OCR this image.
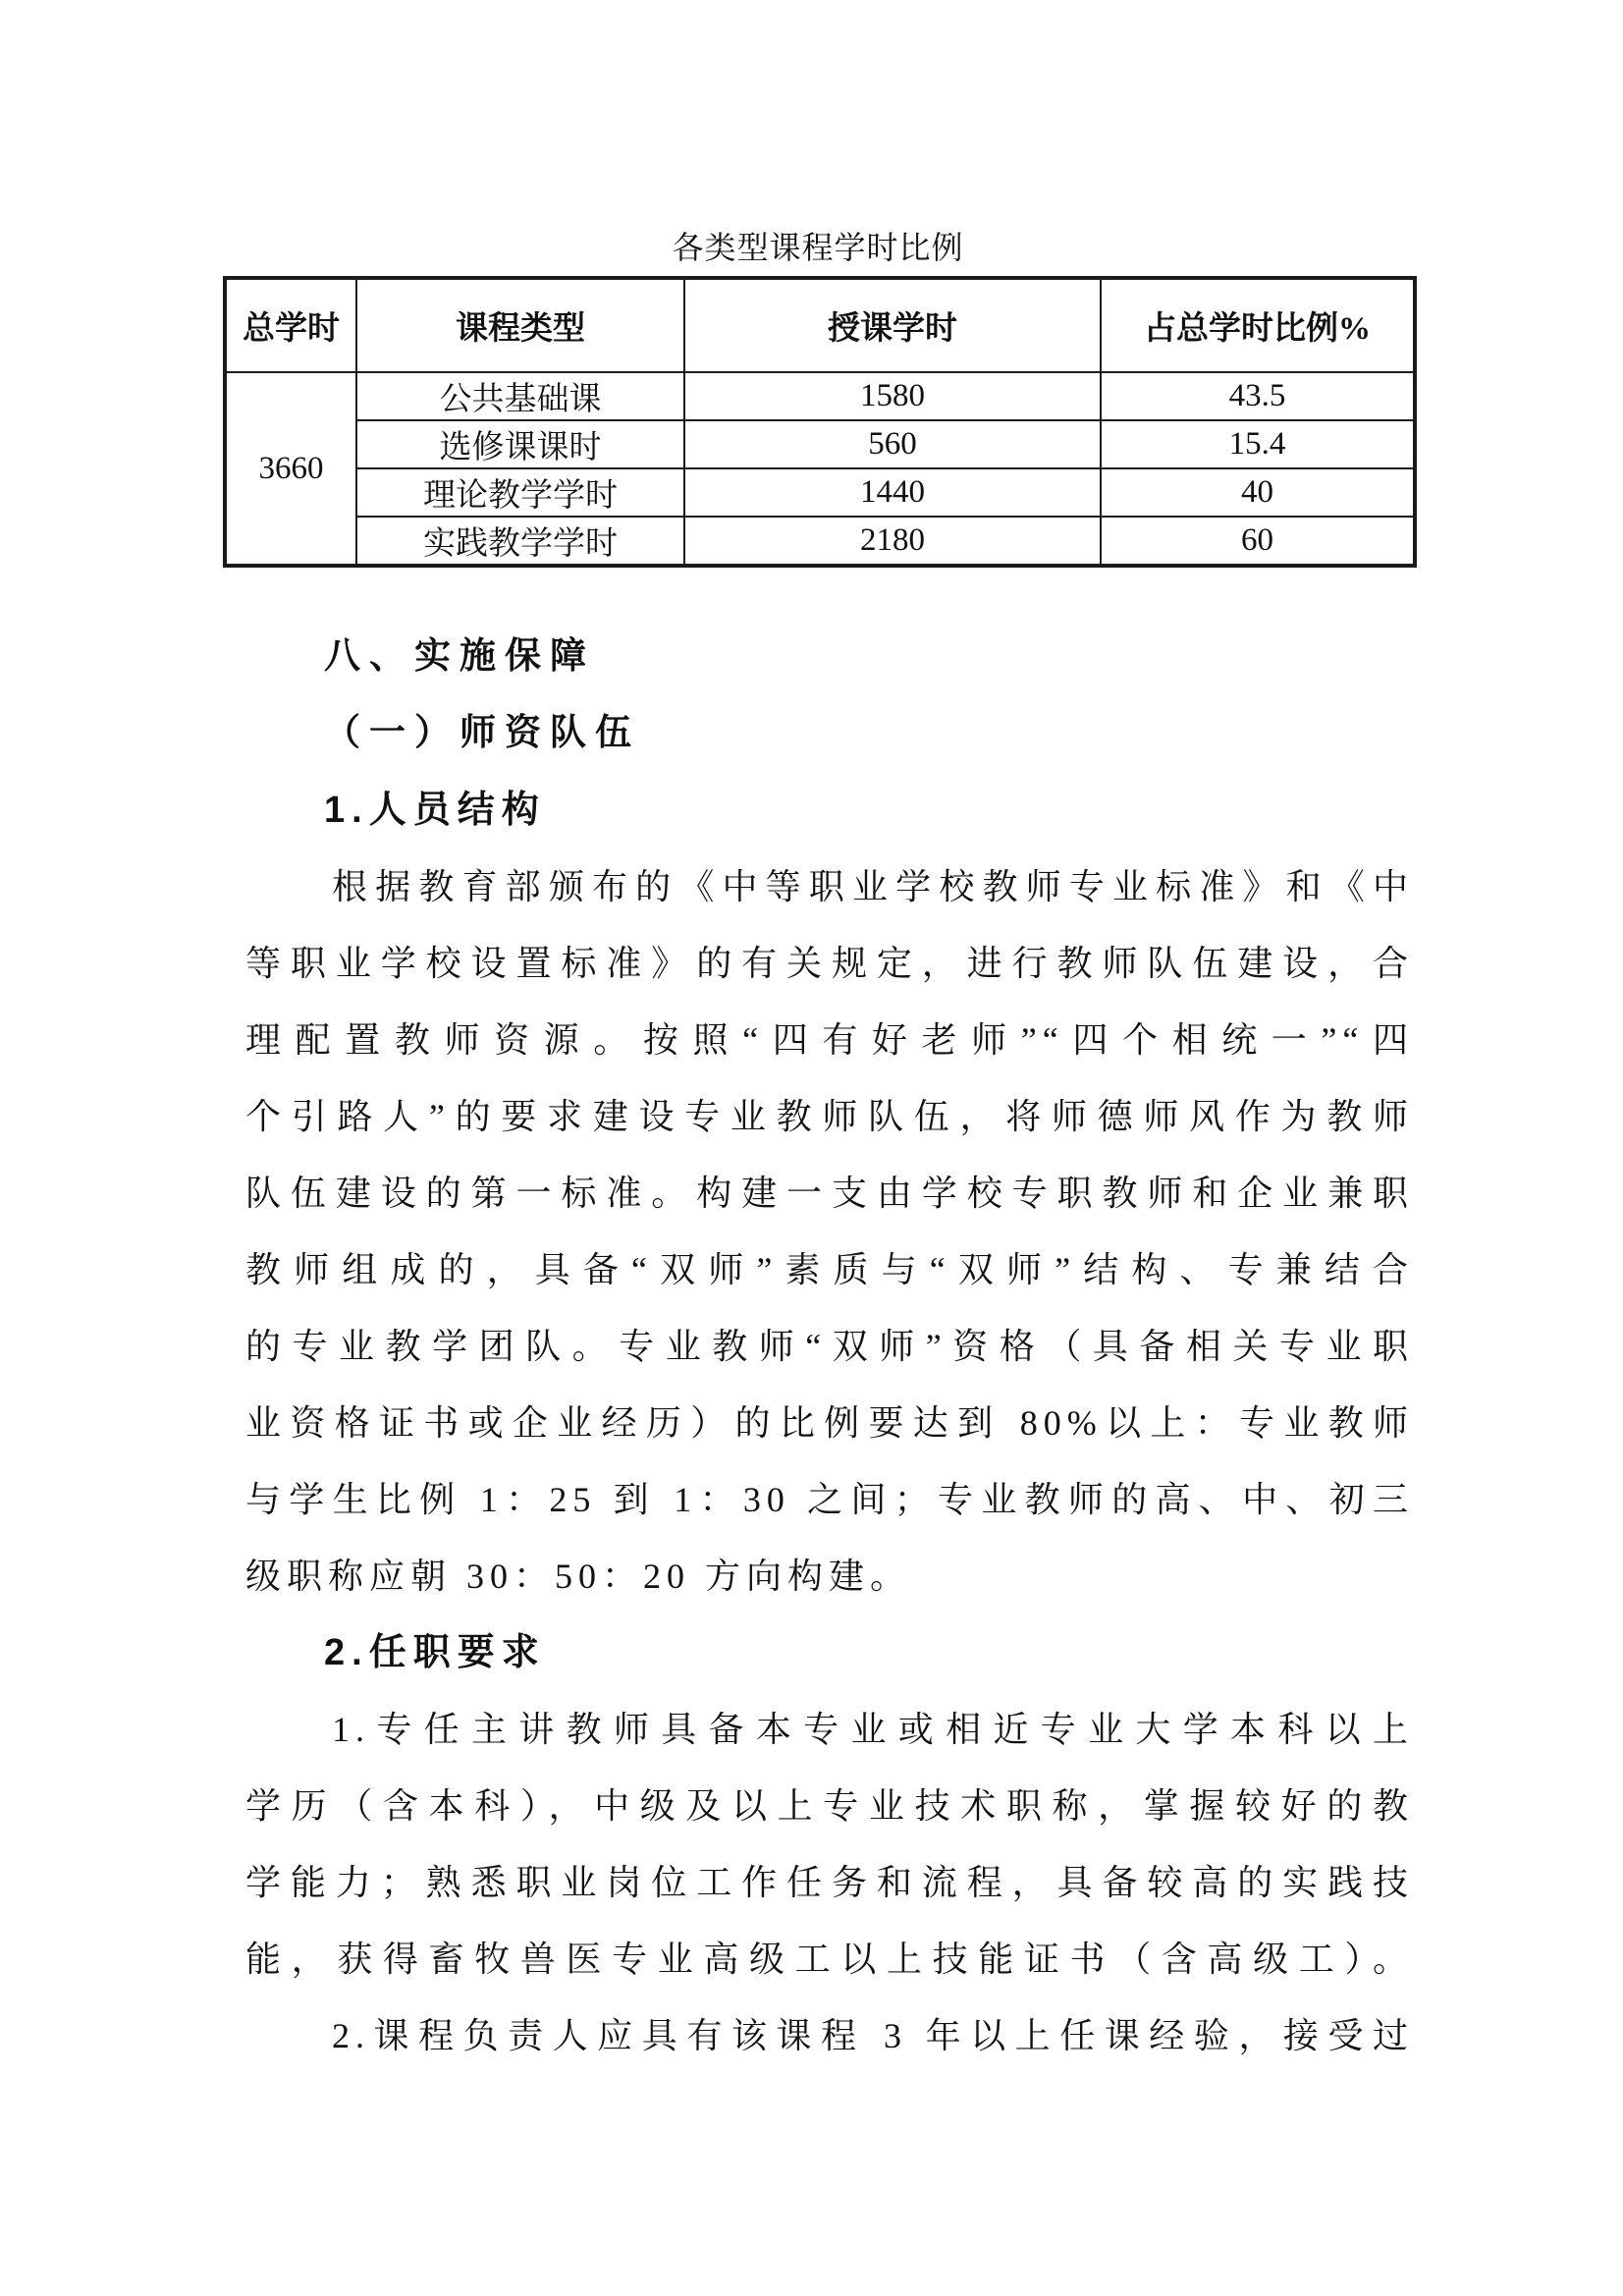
各类型课程学时比例
总学时	课程类型	授课学时	占总学时比例%
3660	公共基础课	1580	43.5
	选修课课时	560	15.4
	理论教学学时	1440	40
	实践教学学时	2180	60
八、实施保障
（一）师资队伍
1.人员结构
根据教育部颁布的《中等职业学校教师专业标准》和《中
等职业学校设置标准》的有关规定，进行教师队伍建设，合
理配置教师资源。按照“四有好老师”“四个相统一”“四
个引路人”的要求建设专业教师队伍，将师德师风作为教师
队伍建设的第一标准。构建一支由学校专职教师和企业兼职
教师组成的，具备“双师”素质与“双师”结构、专兼结合
的专业教学团队。专业教师“双师”资格（具备相关专业职
业资格证书或企业经历）的比例要达到 80%以上：专业教师
与学生比例 1：25 到 1：30 之间；专业教师的高、中、初三
级职称应朝 30：50：20 方向构建。
2.任职要求
1.专任主讲教师具备本专业或相近专业大学本科以上
学历（含本科），中级及以上专业技术职称，掌握较好的教
学能力；熟悉职业岗位工作任务和流程，具备较高的实践技
能，获得畜牧兽医专业高级工以上技能证书（含高级工）。
2.课程负责人应具有该课程 3 年以上任课经验，接受过
